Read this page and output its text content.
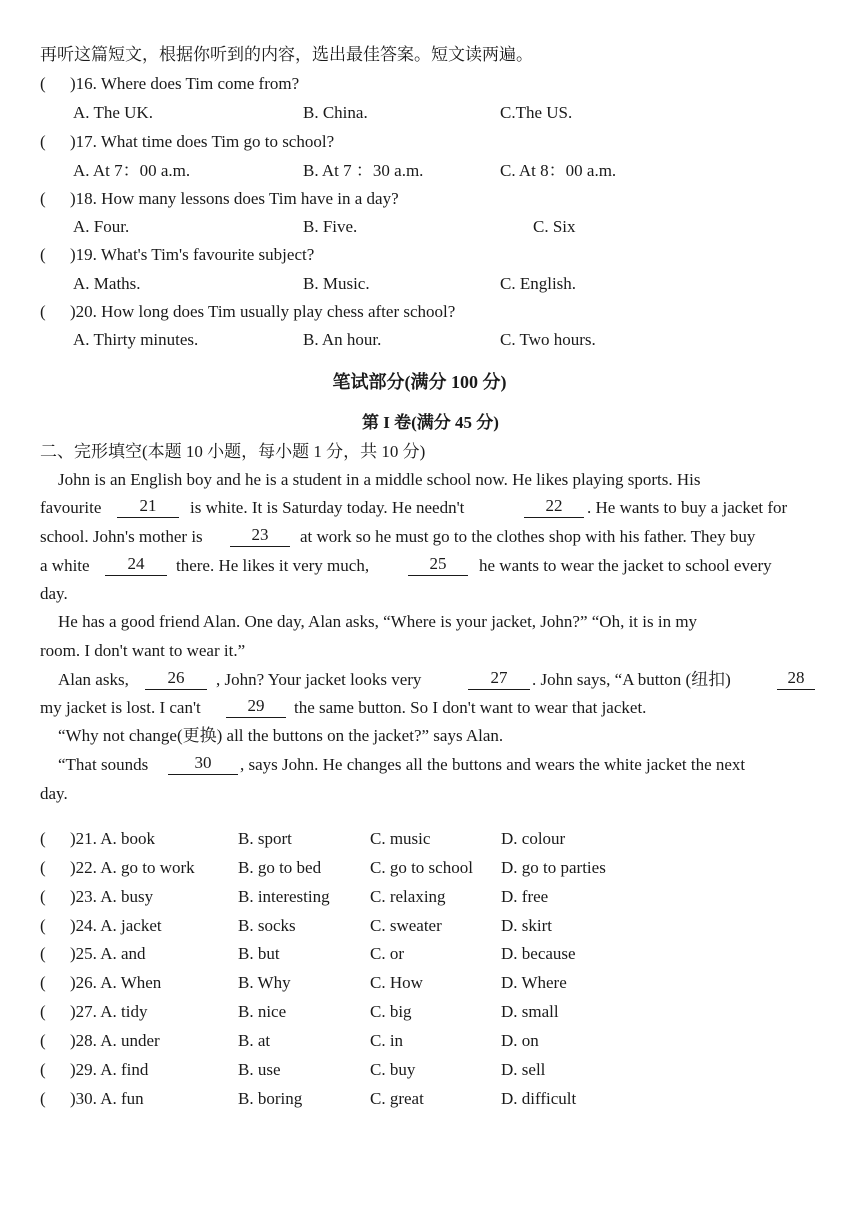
再听这篇短文，根据你听到的内容，选出最佳答案。短文读两遍。
( )16. Where does Tim come from?
A. The UK.	B. China.	C.The US.
( )17. What time does Tim go to school?
A. At 7：00 a.m.	B. At 7 ：30 a.m.	C. At 8：00 a.m.
( )18. How many lessons does Tim have in a day?
A. Four.	B. Five.	C. Six
( )19. What's Tim's favourite subject?
A. Maths.	B. Music.	C. English.
( )20. How long does Tim usually play chess after school?
A. Thirty minutes.	B. An hour.	C. Two hours.
笔试部分(满分 100 分)
第 I 卷(满分 45 分)
二、完形填空(本题 10 小题，每小题 1 分，共 10 分)
John is an English boy and he is a student in a middle school now. He likes playing sports. His
favourite	21	is white. It is Saturday today. He needn't	22	. He wants to buy a jacket for
school. John's mother is	23	at work so he must go to the clothes shop with his father. They buy
a white	24	there. He likes it very much,	25	he wants to wear the jacket to school every
day.
He has a good friend Alan. One day, Alan asks, “Where is your jacket, John?” “Oh, it is in my
room. I don't want to wear it.”
Alan asks,	26	, John? Your jacket looks very	27	. John says, “A button (纽扣)	28
my jacket is lost. I can't	29	the same button. So I don't want to wear that jacket.
“Why not change(更换) all the buttons on the jacket?” says Alan.
“That sounds	30	, says John. He changes all the buttons and wears the white jacket the next
day.
( )21. A. book	B. sport	C. music	D. colour
( )22. A. go to work	B. go to bed	C. go to school D. go to parties
( )23. A. busy	B. interesting C. relaxing	D. free
( )24. A. jacket	B. socks	C. sweater	D. skirt
( )25. A. and	B. but	C. or	D. because
( )26. A. When	B. Why	C. How	D. Where
( )27. A. tidy	B. nice	C. big	D. small
( )28. A. under	B. at	C. in	D. on
( )29. A. find	B. use	C. buy	D. sell
( )30. A. fun	B. boring	C. great	D. difficult
